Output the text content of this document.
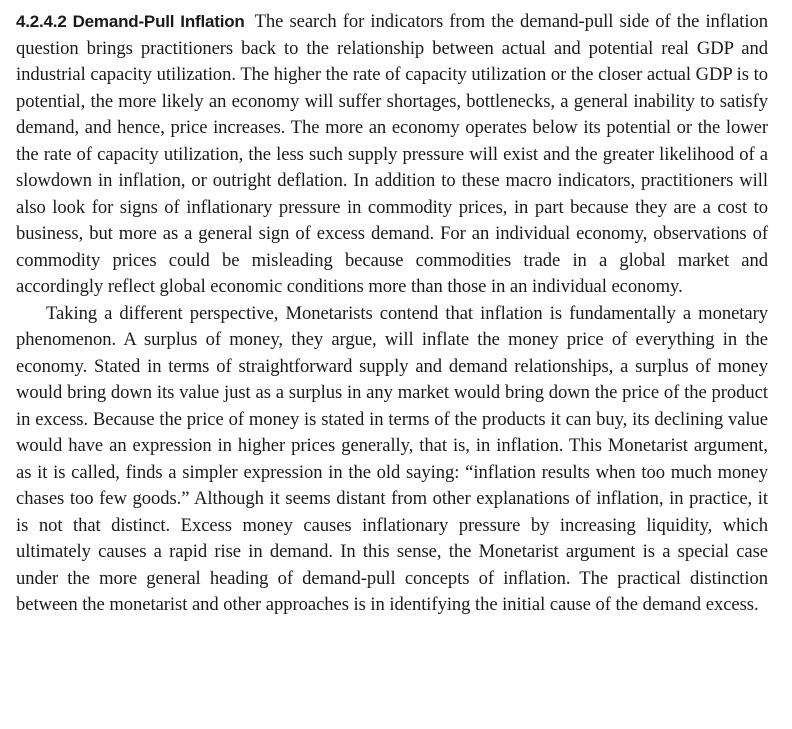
4.2.4.2 Demand-Pull Inflation The search for indicators from the demand-pull side of the inflation question brings practitioners back to the relationship between actual and potential real GDP and industrial capacity utilization. The higher the rate of capacity utilization or the closer actual GDP is to potential, the more likely an economy will suffer shortages, bottlenecks, a general inability to satisfy demand, and hence, price increases. The more an economy operates below its potential or the lower the rate of capacity utilization, the less such supply pressure will exist and the greater likelihood of a slowdown in inflation, or outright deflation. In addition to these macro indicators, practitioners will also look for signs of inflationary pressure in commodity prices, in part because they are a cost to business, but more as a general sign of excess demand. For an individual economy, observations of commodity prices could be misleading because commodities trade in a global market and accordingly reflect global economic conditions more than those in an individual economy.

Taking a different perspective, Monetarists contend that inflation is fundamentally a monetary phenomenon. A surplus of money, they argue, will inflate the money price of everything in the economy. Stated in terms of straightforward supply and demand relationships, a surplus of money would bring down its value just as a surplus in any market would bring down the price of the product in excess. Because the price of money is stated in terms of the products it can buy, its declining value would have an expression in higher prices generally, that is, in inflation. This Monetarist argument, as it is called, finds a simpler expression in the old saying: “inflation results when too much money chases too few goods.” Although it seems distant from other explanations of inflation, in practice, it is not that distinct. Excess money causes inflationary pressure by increasing liquidity, which ultimately causes a rapid rise in demand. In this sense, the Monetarist argument is a special case under the more general heading of demand-pull concepts of inflation. The practical distinction between the monetarist and other approaches is in identifying the initial cause of the demand excess.
